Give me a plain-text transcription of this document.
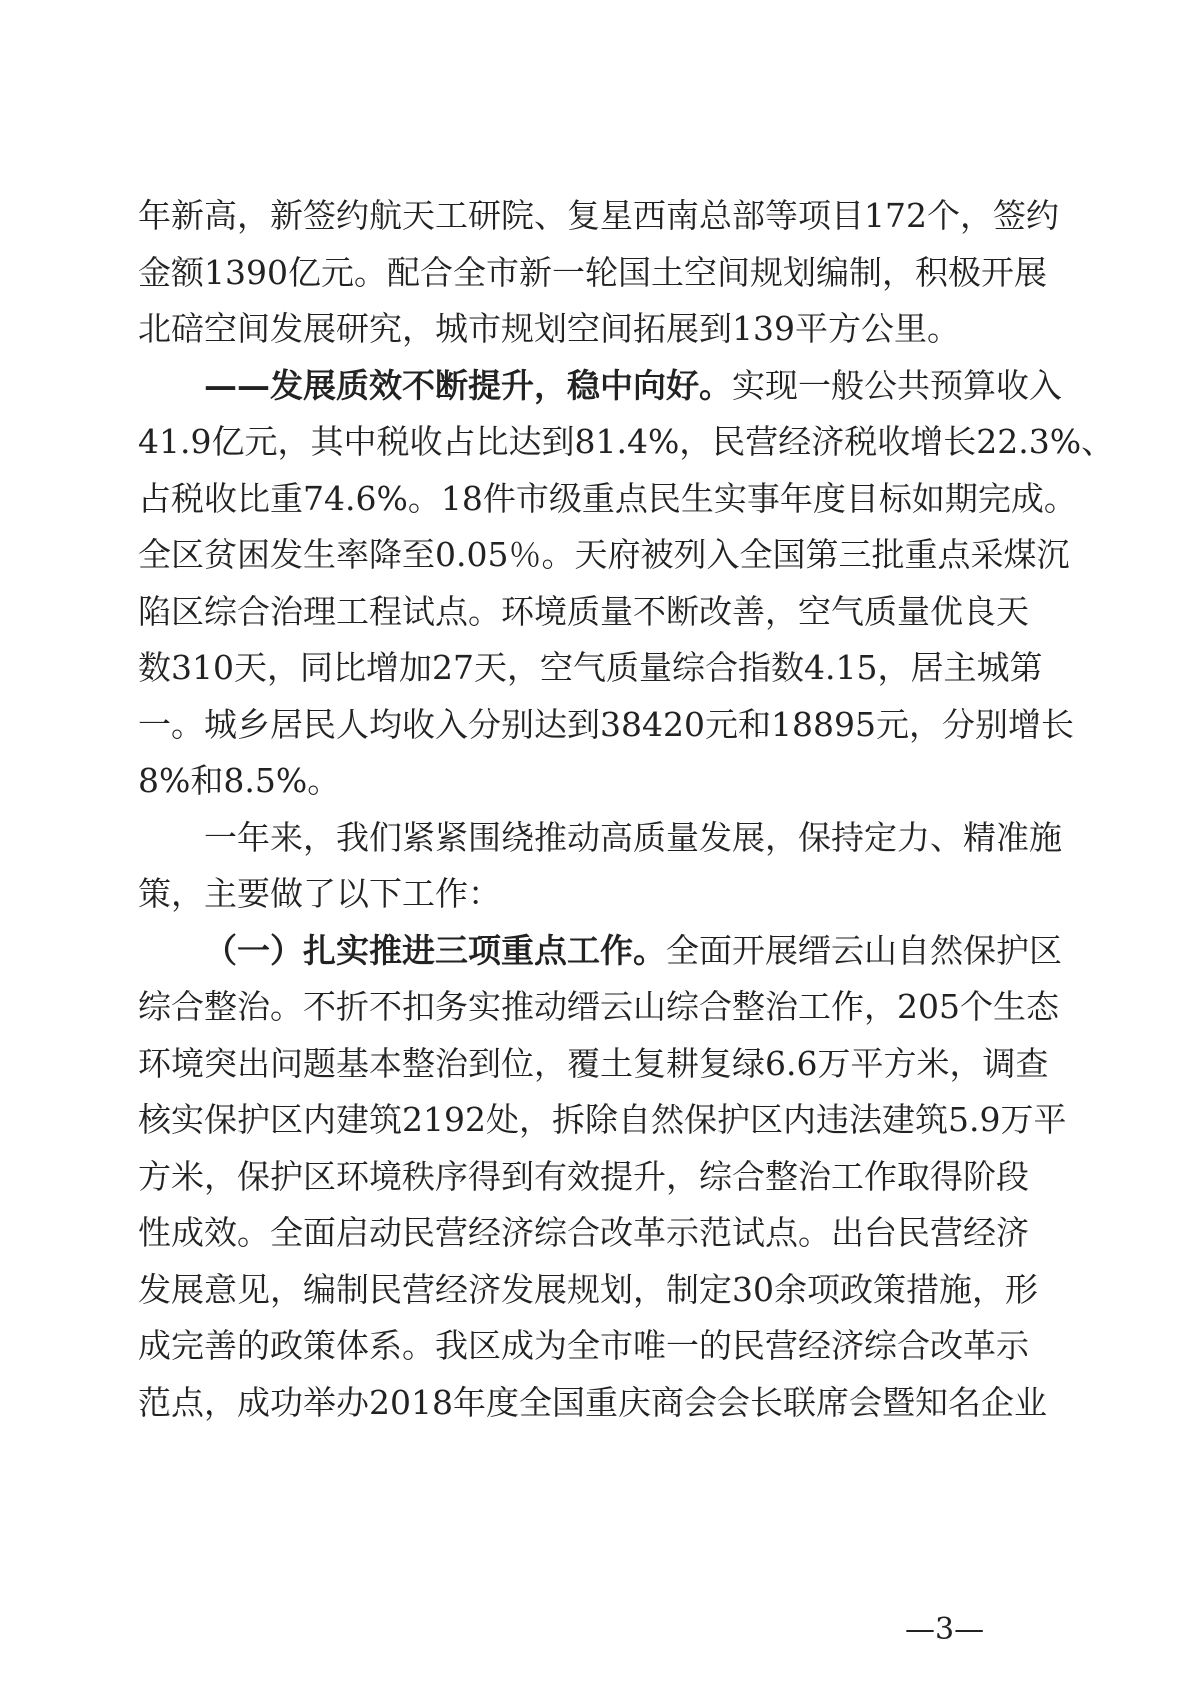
年新高，新签约航天工研院、复星西南总部等项目172个，签约
金额1390亿元。配合全市新一轮国土空间规划编制，积极开展
北碚空间发展研究，城市规划空间拓展到139平方公里。
——发展质效不断提升，稳中向好。实现一般公共预算收入
41.9亿元，其中税收占比达到81.4%，民营经济税收增长22.3%、
占税收比重74.6%。18件市级重点民生实事年度目标如期完成。
全区贫困发生率降至0.05％。天府被列入全国第三批重点采煤沉
陷区综合治理工程试点。环境质量不断改善，空气质量优良天
数310天，同比增加27天，空气质量综合指数4.15，居主城第
一。城乡居民人均收入分别达到38420元和18895元，分别增长
8%和8.5%。
一年来，我们紧紧围绕推动高质量发展，保持定力、精准施
策，主要做了以下工作：
（一）扎实推进三项重点工作。全面开展缙云山自然保护区
综合整治。不折不扣务实推动缙云山综合整治工作，205个生态
环境突出问题基本整治到位，覆土复耕复绿6.6万平方米，调查
核实保护区内建筑2192处，拆除自然保护区内违法建筑5.9万平
方米，保护区环境秩序得到有效提升，综合整治工作取得阶段
性成效。全面启动民营经济综合改革示范试点。出台民营经济
发展意见，编制民营经济发展规划，制定30余项政策措施，形
成完善的政策体系。我区成为全市唯一的民营经济综合改革示
范点，成功举办2018年度全国重庆商会会长联席会暨知名企业
—3—
